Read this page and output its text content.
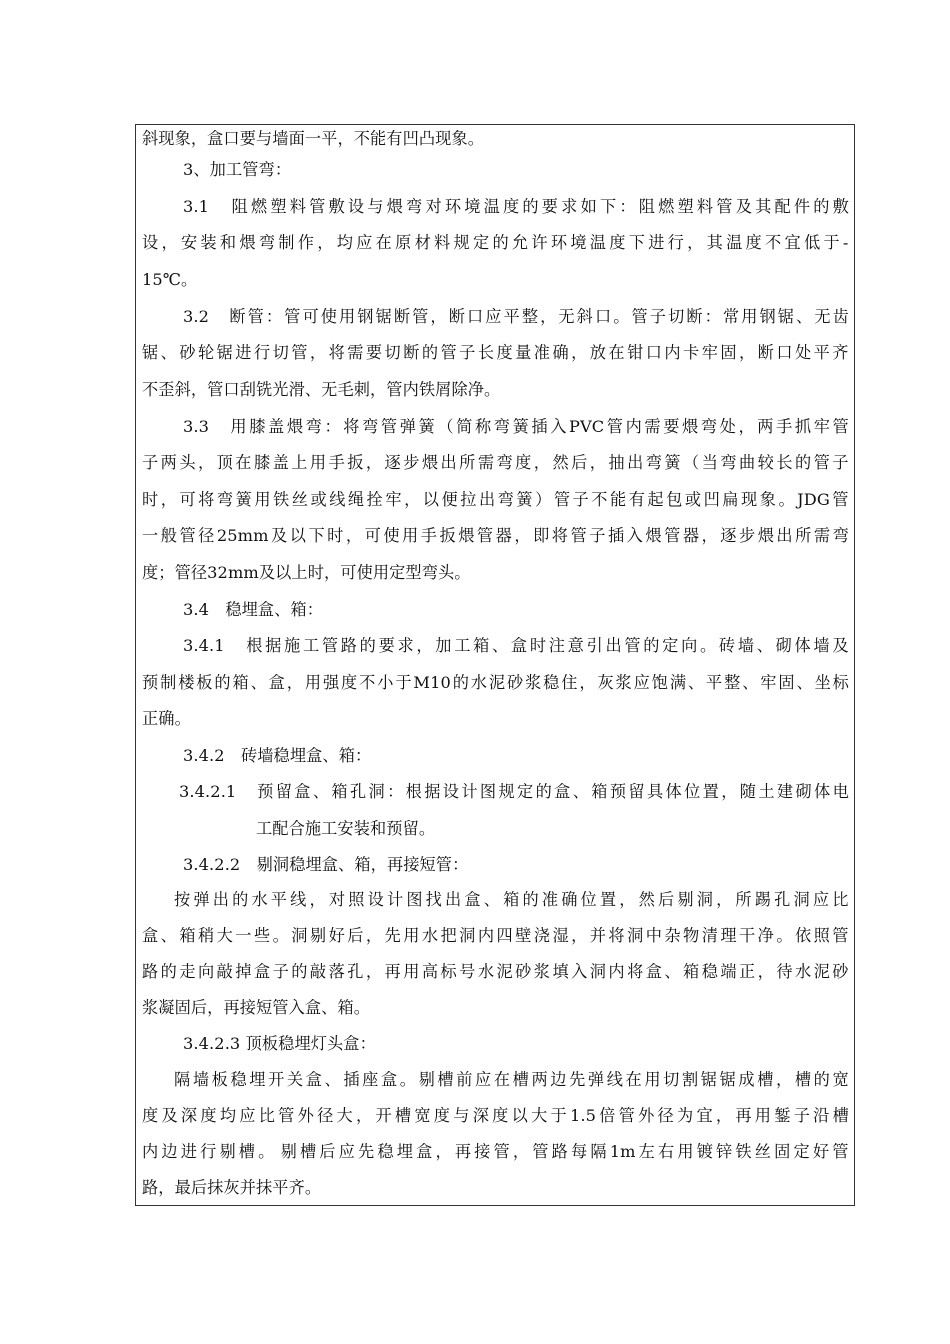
斜现象，盒口要与墙面一平，不能有凹凸现象。
3、加工管弯：
3.1
　 阻 燃 塑 料 管 敷 设 与 煨 弯 对 环 境 温 度 的 要 求 如 下 ： 阻 燃 塑 料 管 及 其 配 件 的 敷
设 ， 安 装 和 煨 弯 制 作 ， 均 应 在 原 材 料 规 定 的 允 许 环 境 温 度 下 进 行 ， 其 温 度 不 宜 低 于 -
15℃。
3.2
　 断 管 ： 管 可 使 用 钢 锯 断 管 ， 断 口 应 平 整 ， 无 斜 口 。 管 子 切 断 ： 常 用 钢 锯 、 无 齿
锯 、 砂 轮 锯 进 行 切 管 ， 将 需 要 切 断 的 管 子 长 度 量 准 确 ， 放 在 钳 口 内 卡 牢 固 ， 断 口 处 平 齐
不歪斜，管口刮铣光滑、无毛刺，管内铁屑除净。
3.3
　 用 膝 盖 煨 弯 ： 将 弯 管 弹 簧 （ 简 称 弯 簧 插 入 PVC 管 内 需 要 煨 弯 处 ， 两 手 抓 牢 管
子 两 头 ， 顶 在 膝 盖 上 用 手 扳 ， 逐 步 煨 出 所 需 弯 度 ， 然 后 ， 抽 出 弯 簧 （ 当 弯 曲 较 长 的 管 子
时 ， 可 将 弯 簧 用 铁 丝 或 线 绳 拴 牢 ， 以 便 拉 出 弯 簧 ） 管 子 不 能 有 起 包 或 凹 扁 现 象 。 JDG 管
一 般 管 径 25mm 及 以 下 时 ， 可 使 用 手 扳 煨 管 器 ， 即 将 管 子 插 入 煨 管 器 ， 逐 步 煨 出 所 需 弯
度；管径32mm及以上时，可使用定型弯头。
3.4　稳埋盒、箱：
3.4.1
　 根 据 施 工 管 路 的 要 求 ， 加 工 箱 、 盒 时 注 意 引 出 管 的 定 向 。 砖 墙 、 砌 体 墙 及
预 制 楼 板 的 箱 、 盒 ， 用 强 度 不 小 于 M10 的 水 泥 砂 浆 稳 住 ， 灰 浆 应 饱 满 、 平 整 、 牢 固 、 坐 标
正确。
3.4.2　砖墙稳埋盒、箱：
3.4.2.1
　 预 留 盒 、 箱 孔 洞 ： 根 据 设 计 图 规 定 的 盒 、 箱 预 留 具 体 位 置 ， 随 土 建 砌 体 电
工配合施工安装和预留。
3.4.2.2　剔洞稳埋盒、箱，再接短管：
按 弹 出 的 水 平 线 ， 对 照 设 计 图 找 出 盒 、 箱 的 准 确 位 置 ， 然 后 剔 洞 ， 所 踢 孔 洞 应 比
盒 、 箱 稍 大 一 些 。 洞 剔 好 后 ， 先 用 水 把 洞 内 四 壁 浇 湿 ， 并 将 洞 中 杂 物 清 理 干 净 。 依 照 管
路 的 走 向 敲 掉 盒 子 的 敲 落 孔 ， 再 用 高 标 号 水 泥 砂 浆 填 入 洞 内 将 盒 、 箱 稳 端 正 ， 待 水 泥 砂
浆凝固后，再接短管入盒、箱。
3.4.2.3 顶板稳埋灯头盒：
隔 墙 板 稳 埋 开 关 盒 、 插 座 盒 。 剔 槽 前 应 在 槽 两 边 先 弹 线 在 用 切 割 锯 锯 成 槽 ， 槽 的 宽
度 及 深 度 均 应 比 管 外 径 大 ， 开 槽 宽 度 与 深 度 以 大 于 1.5 倍 管 外 径 为 宜 ， 再 用 錾 子 沿 槽
内 边 进 行 剔 槽 。 剔 槽 后 应 先 稳 埋 盒 ， 再 接 管 ， 管 路 每 隔 1m 左 右 用 镀 锌 铁 丝 固 定 好 管
路，最后抹灰并抹平齐。
